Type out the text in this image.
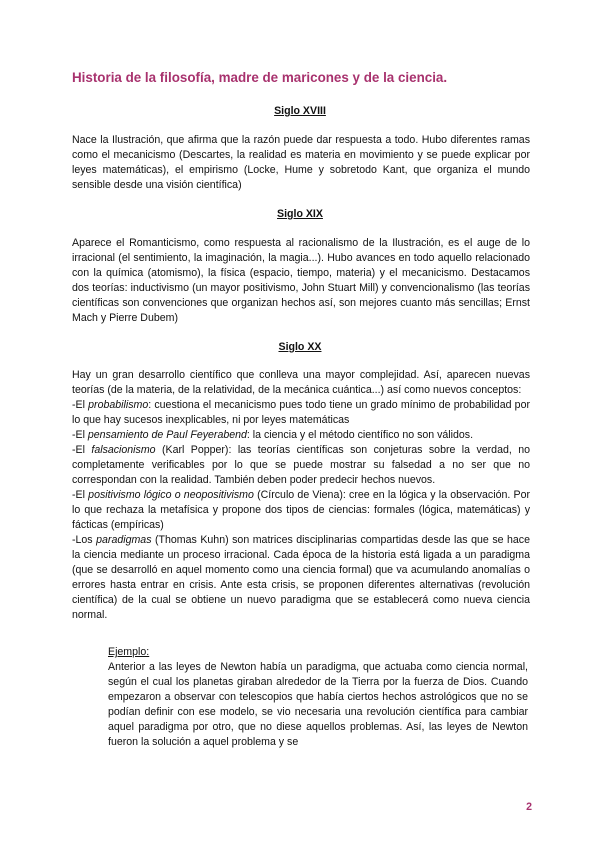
Historia de la filosofía, madre de maricones y de la ciencia.
Siglo XVIII

Nace la Ilustración, que afirma que la razón puede dar respuesta a todo. Hubo diferentes ramas como el mecanicismo (Descartes, la realidad es materia en movimiento y se puede explicar por leyes matemáticas), el empirismo (Locke, Hume y sobretodo Kant, que organiza el mundo sensible desde una visión científica)

Siglo XIX

Aparece el Romanticismo, como respuesta al racionalismo de la Ilustración, es el auge de lo irracional (el sentimiento, la imaginación, la magia...). Hubo avances en todo aquello relacionado con la química (atomismo), la física (espacio, tiempo, materia) y el mecanicismo. Destacamos dos teorías: inductivismo (un mayor positivismo, John Stuart Mill) y convencionalismo (las teorías científicas son convenciones que organizan hechos así, son mejores cuanto más sencillas; Ernst Mach y Pierre Dubem)

Siglo XX

Hay un gran desarrollo científico que conlleva una mayor complejidad. Así, aparecen nuevas teorías (de la materia, de la relatividad, de la mecánica cuántica...) así como nuevos conceptos:

-El probabilismo: cuestiona el mecanicismo pues todo tiene un grado mínimo de probabilidad por lo que hay sucesos inexplicables, ni por leyes matemáticas

-El pensamiento de Paul Feyerabend: la ciencia y el método científico no son válidos.

-El falsacionismo (Karl Popper): las teorías científicas son conjeturas sobre la verdad, no completamente verificables por lo que se puede mostrar su falsedad a no ser que no correspondan con la realidad. También deben poder predecir hechos nuevos.

-El positivismo lógico o neopositivismo (Círculo de Viena): cree en la lógica y la observación. Por lo que rechaza la metafísica y propone dos tipos de ciencias: formales (lógica, matemáticas) y fácticas (empíricas)

-Los paradigmas (Thomas Kuhn) son matrices disciplinarias compartidas desde las que se hace la ciencia mediante un proceso irracional. Cada época de la historia está ligada a un paradigma (que se desarrolló en aquel momento como una ciencia formal) que va acumulando anomalías o errores hasta entrar en crisis. Ante esta crisis, se proponen diferentes alternativas (revolución científica) de la cual se obtiene un nuevo paradigma que se establecerá como nueva ciencia normal.

Ejemplo:

Anterior a las leyes de Newton había un paradigma, que actuaba como ciencia normal, según el cual los planetas giraban alrededor de la Tierra por la fuerza de Dios. Cuando empezaron a observar con telescopios que había ciertos hechos astrológicos que no se podían definir con ese modelo, se vio necesaria una revolución científica para cambiar aquel paradigma por otro, que no diese aquellos problemas. Así, las leyes de Newton fueron la solución a aquel problema y se

2
